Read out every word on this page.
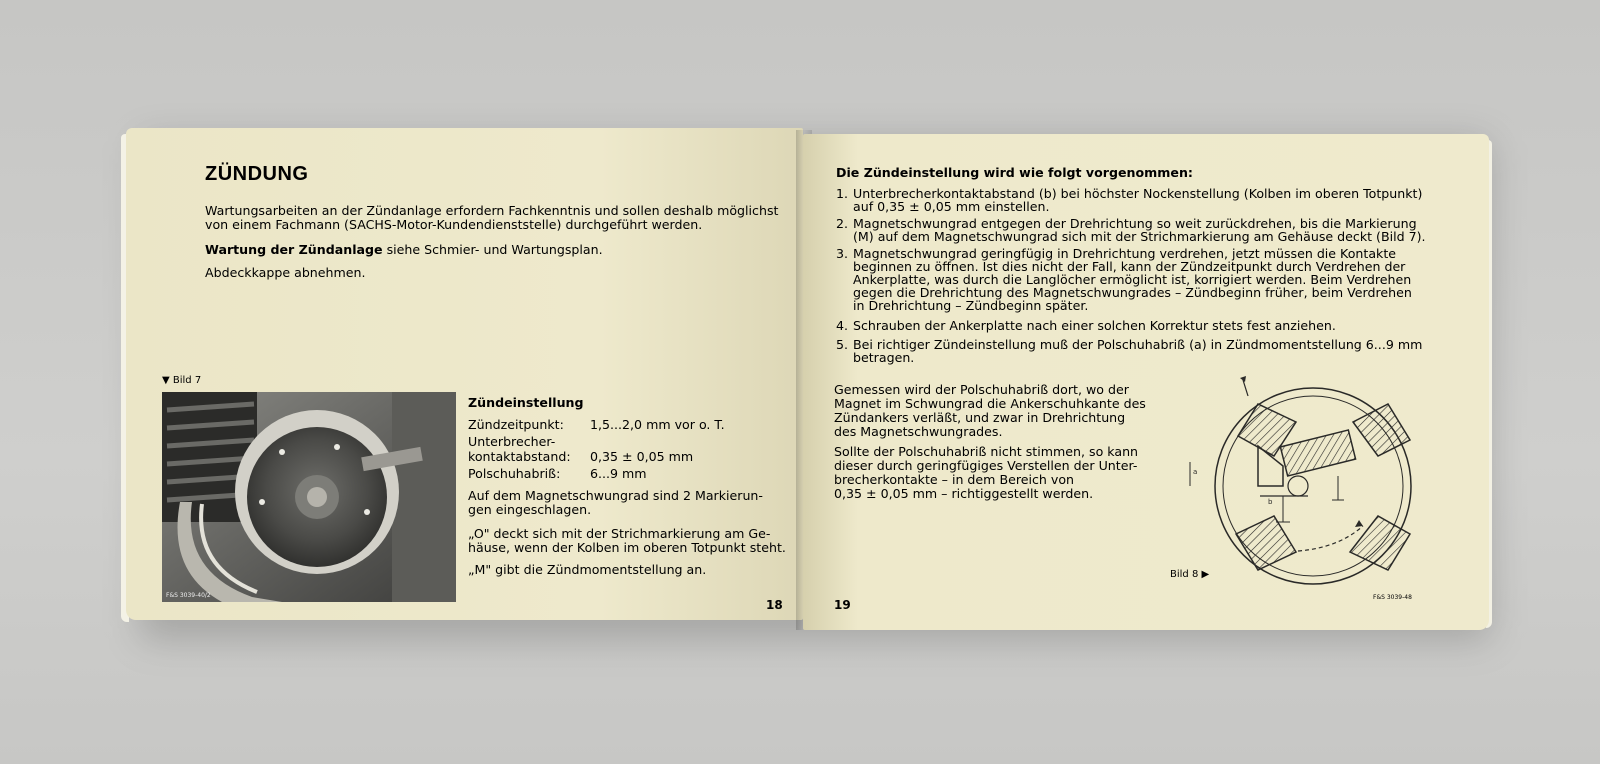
ZÜNDUNG

Wartungsarbeiten an der Zündanlage erfordern Fachkenntnis und sollen deshalb möglichst

von einem Fachmann (SACHS-Motor-Kundendienststelle) durchgeführt werden.

Wartung der Zündanlage siehe Schmier- und Wartungsplan.

Abdeckkappe abnehmen.

▼ Bild 7

F&S 3039-40/2

Zündeinstellung

Zündzeitpunkt: 1,5...2,0 mm vor o. T.

Unterbrecher-

kontaktabstand: 0,35 ± 0,05 mm

Polschuhabriß: 6...9 mm

Auf dem Magnetschwungrad sind 2 Markierun-

gen eingeschlagen.

„O" deckt sich mit der Strichmarkierung am Ge-

häuse, wenn der Kolben im oberen Totpunkt steht.

„M" gibt die Zündmomentstellung an.

18

Die Zündeinstellung wird wie folgt vorgenommen:

1. Unterbrecherkontaktabstand (b) bei höchster Nockenstellung (Kolben im oberen Totpunkt)
auf 0,35 ± 0,05 mm einstellen.
2. Magnetschwungrad entgegen der Drehrichtung so weit zurückdrehen, bis die Markierung
(M) auf dem Magnetschwungrad sich mit der Strichmarkierung am Gehäuse deckt (Bild 7).
3. Magnetschwungrad geringfügig in Drehrichtung verdrehen, jetzt müssen die Kontakte
beginnen zu öffnen. Ist dies nicht der Fall, kann der Zündzeitpunkt durch Verdrehen der
Ankerplatte, was durch die Langlöcher ermöglicht ist, korrigiert werden. Beim Verdrehen
gegen die Drehrichtung des Magnetschwungrades – Zündbeginn früher, beim Verdrehen
in Drehrichtung – Zündbeginn später.
4. Schrauben der Ankerplatte nach einer solchen Korrektur stets fest anziehen.
5. Bei richtiger Zündeinstellung muß der Polschuhabriß (a) in Zündmomentstellung 6...9 mm
betragen.

Gemessen wird der Polschuhabriß dort, wo der

Magnet im Schwungrad die Ankerschuhkante des

Zündankers verläßt, und zwar in Drehrichtung

des Magnetschwungrades.

Sollte der Polschuhabriß nicht stimmen, so kann

dieser durch geringfügiges Verstellen der Unter-

brecherkontakte – in dem Bereich von

0,35 ± 0,05 mm – richtiggestellt werden.

a
b

Bild 8 ▶

F&S 3039-48

19
